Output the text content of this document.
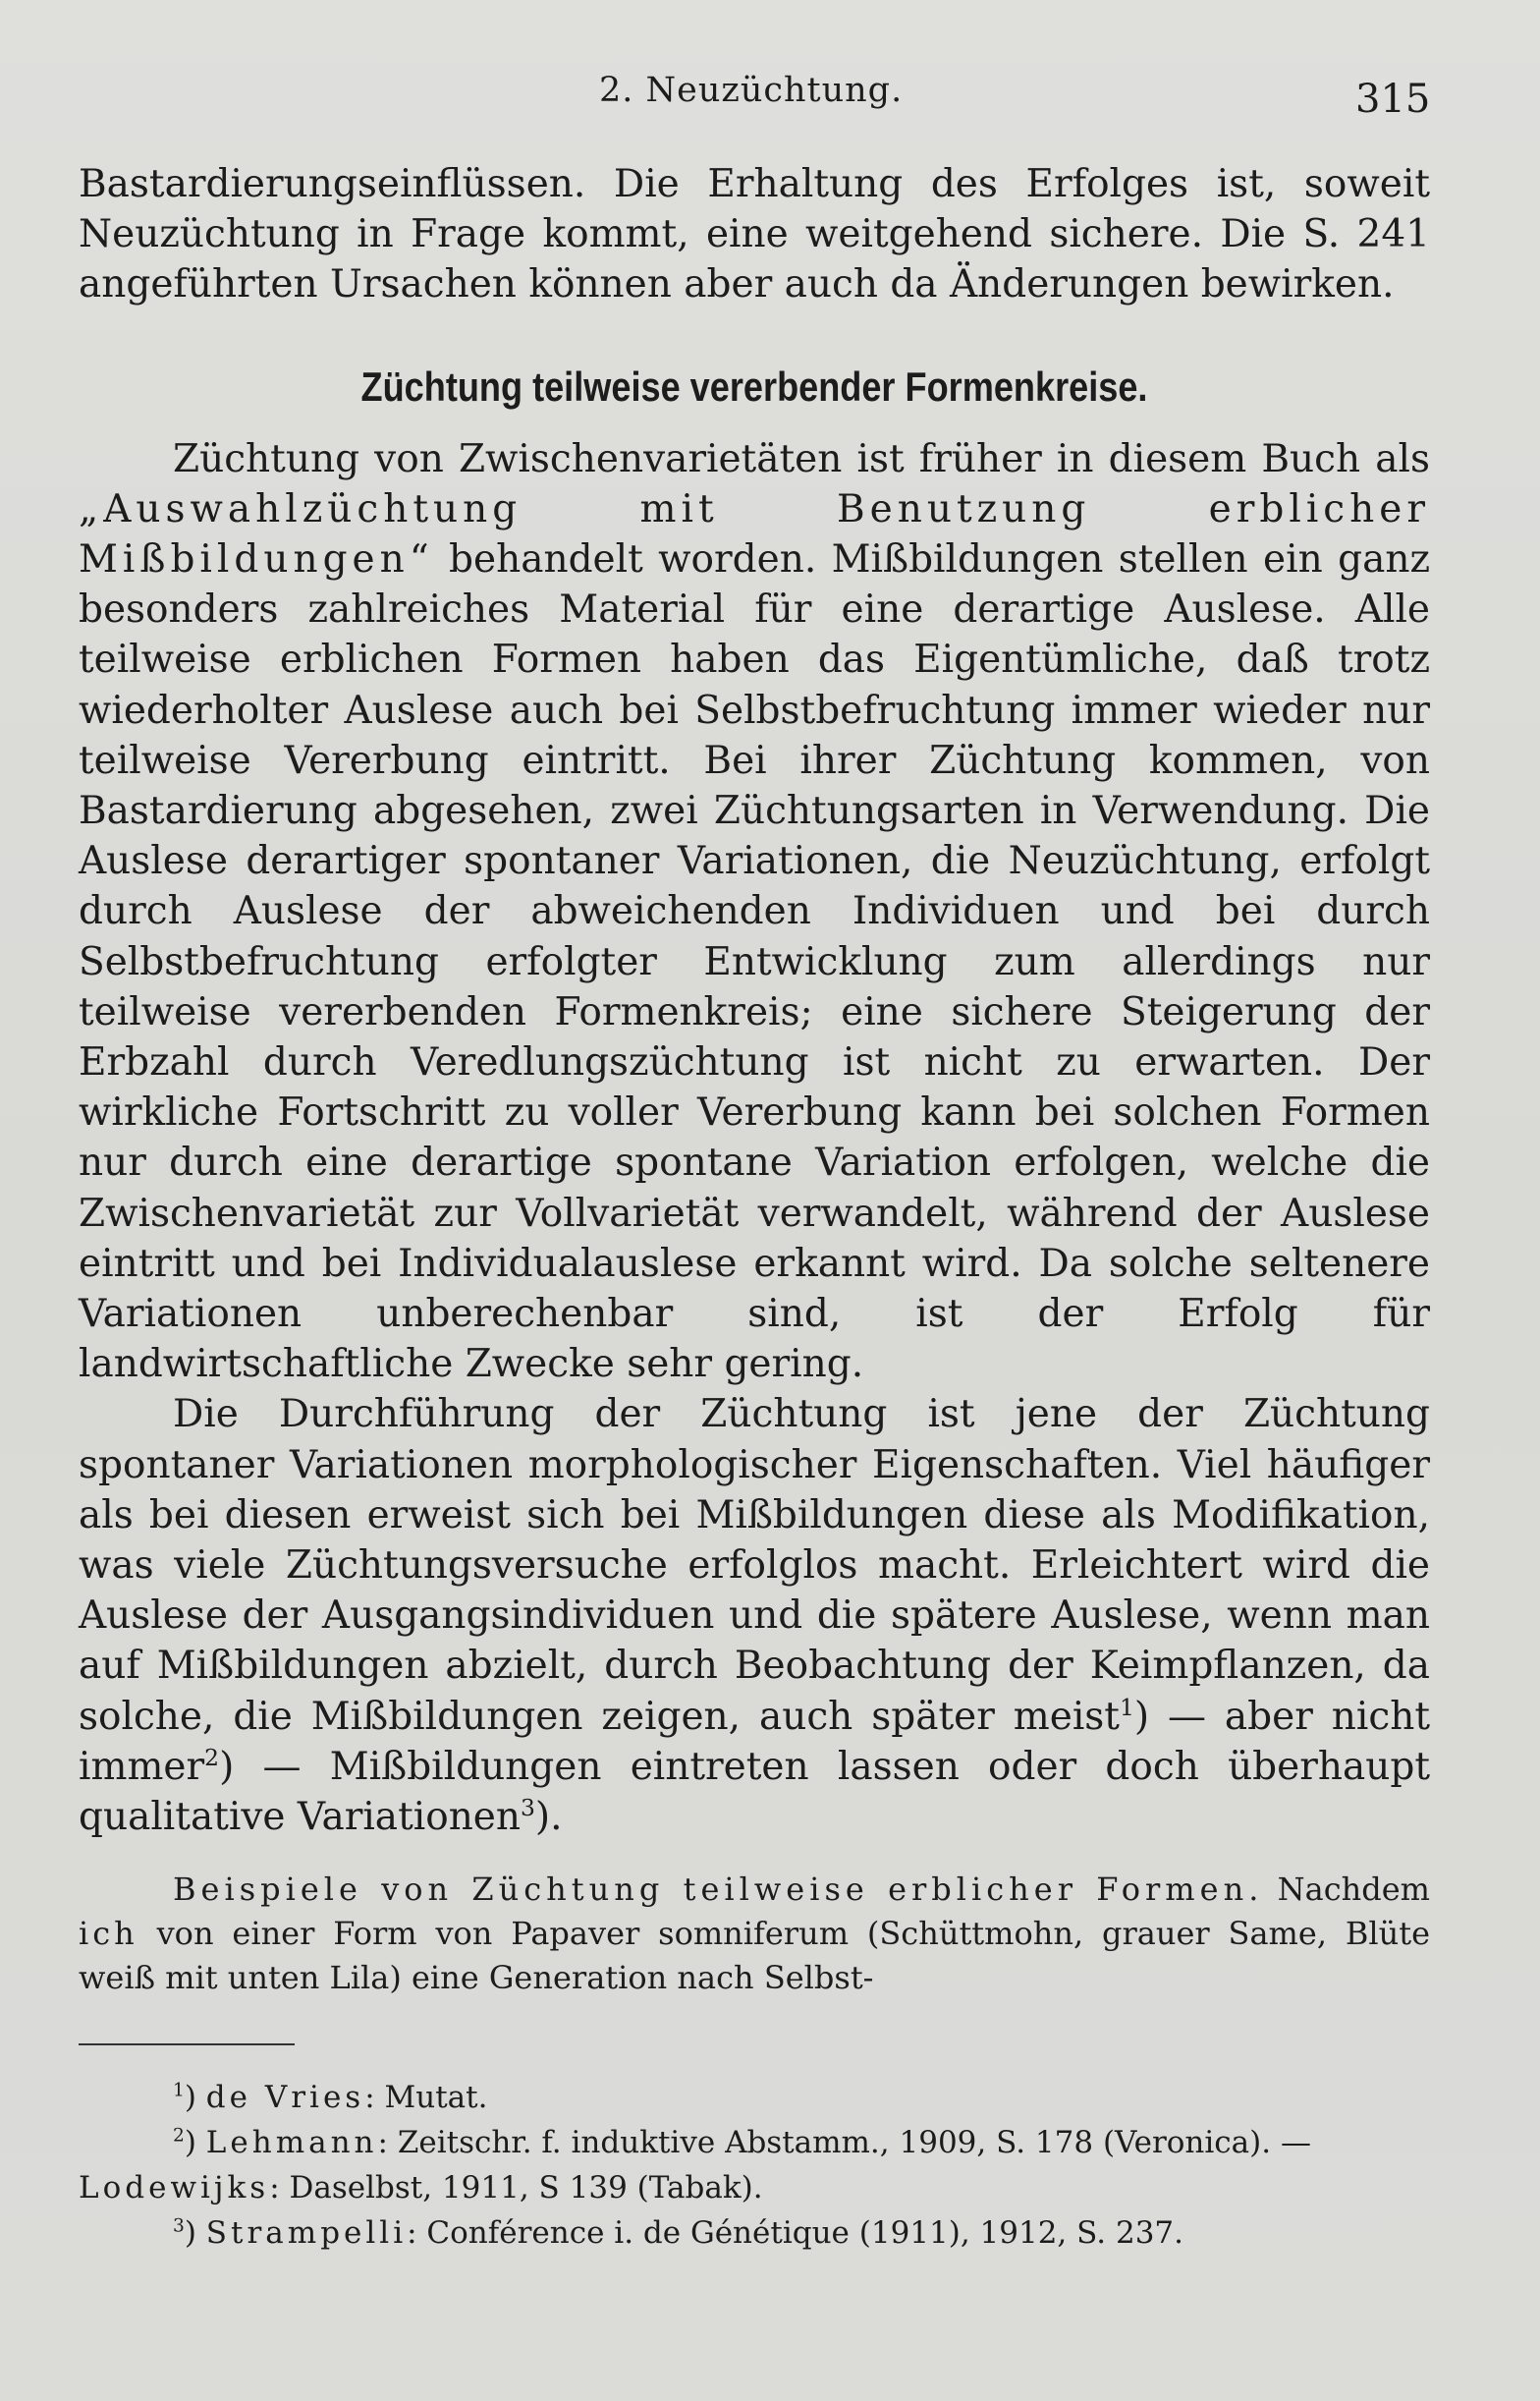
2. Neuzüchtung.	315

Bastardierungseinflüssen. Die Erhaltung des Erfolges ist, soweit Neuzüchtung in Frage kommt, eine weitgehend sichere. Die S. 241 angeführten Ursachen können aber auch da Änderungen bewirken.

Züchtung teilweise vererbender Formenkreise.

Züchtung von Zwischenvarietäten ist früher in diesem Buch als „Auswahlzüchtung mit Benutzung erblicher Mißbildungen“ behandelt worden. Mißbildungen stellen ein ganz besonders zahlreiches Material für eine derartige Auslese. Alle teilweise erblichen Formen haben das Eigentümliche, daß trotz wiederholter Auslese auch bei Selbstbefruchtung immer wieder nur teilweise Vererbung eintritt. Bei ihrer Züchtung kommen, von Bastardierung abgesehen, zwei Züchtungsarten in Verwendung. Die Auslese derartiger spontaner Variationen, die Neuzüchtung, erfolgt durch Auslese der abweichenden Individuen und bei durch Selbstbefruchtung erfolgter Entwicklung zum allerdings nur teilweise vererbenden Formenkreis; eine sichere Steigerung der Erbzahl durch Veredlungszüchtung ist nicht zu erwarten. Der wirkliche Fortschritt zu voller Vererbung kann bei solchen Formen nur durch eine derartige spontane Variation erfolgen, welche die Zwischenvarietät zur Vollvarietät verwandelt, während der Auslese eintritt und bei Individualauslese erkannt wird. Da solche seltenere Variationen unberechenbar sind, ist der Erfolg für landwirtschaftliche Zwecke sehr gering.

Die Durchführung der Züchtung ist jene der Züchtung spontaner Variationen morphologischer Eigenschaften. Viel häufiger als bei diesen erweist sich bei Mißbildungen diese als Modifikation, was viele Züchtungsversuche erfolglos macht. Erleichtert wird die Auslese der Ausgangsindividuen und die spätere Auslese, wenn man auf Mißbildungen abzielt, durch Beobachtung der Keimpflanzen, da solche, die Mißbildungen zeigen, auch später meist$^1$) — aber nicht immer$^2$) — Mißbildungen eintreten lassen oder doch überhaupt qualitative Variationen$^3$).

Beispiele von Züchtung teilweise erblicher Formen. Nachdem ich von einer Form von Papaver somniferum (Schüttmohn, grauer Same, Blüte weiß mit unten Lila) eine Generation nach Selbst-

$^1$) de Vries: Mutat.

$^2$) Lehmann: Zeitschr. f. induktive Abstamm., 1909, S. 178 (Veronica). —

Lodewijks: Daselbst, 1911, S 139 (Tabak).

$^3$) Strampelli: Conférence i. de Génétique (1911), 1912, S. 237.
